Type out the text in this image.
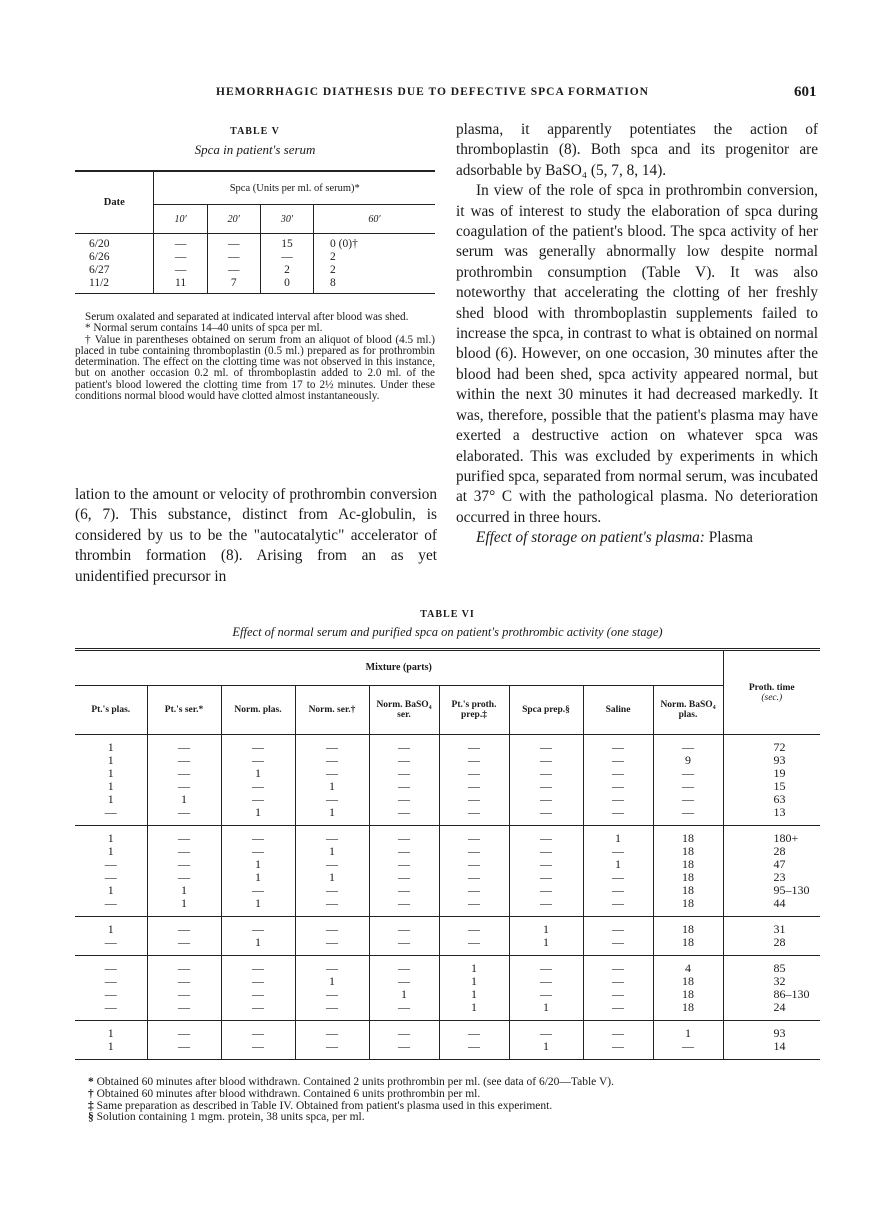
HEMORRHAGIC DIATHESIS DUE TO DEFECTIVE SPCA FORMATION	601
TABLE V
Spca in patient's serum
Date	Spca (Units per ml. of serum)*			
	10′	20′	30′	60′
6/20	—	—	15	0 (0)†
6/26	—	—	—	2
6/27	—	—	2	2
11/2	11	7	0	8

Serum oxalated and separated at indicated interval after blood was shed.

* Normal serum contains 14–40 units of spca per ml.

† Value in parentheses obtained on serum from an aliquot of blood (4.5 ml.) placed in tube containing thromboplastin (0.5 ml.) prepared as for prothrombin determination. The effect on the clotting time was not observed in this instance, but on another occasion 0.2 ml. of thromboplastin added to 2.0 ml. of the patient's blood lowered the clotting time from 17 to 2½ minutes. Under these conditions normal blood would have clotted almost instantaneously.

lation to the amount or velocity of prothrombin conversion (6, 7). This substance, distinct from Ac-globulin, is considered by us to be the "autocatalytic" accelerator of thrombin formation (8). Arising from an as yet unidentified precursor in

plasma, it apparently potentiates the action of thromboplastin (8). Both spca and its progenitor are adsorbable by BaSO₄ (5, 7, 8, 14).

In view of the role of spca in prothrombin conversion, it was of interest to study the elaboration of spca during coagulation of the patient's blood. The spca activity of her serum was generally abnormally low despite normal prothrombin consumption (Table V). It was also noteworthy that accelerating the clotting of her freshly shed blood with thromboplastin supplements failed to increase the spca, in contrast to what is obtained on normal blood (6). However, on one occasion, 30 minutes after the blood had been shed, spca activity appeared normal, but within the next 30 minutes it had decreased markedly. It was, therefore, possible that the patient's plasma may have exerted a destructive action on whatever spca was elaborated. This was excluded by experiments in which purified spca, separated from normal serum, was incubated at 37° C with the pathological plasma. No deterioration occurred in three hours.

Effect of storage on patient's plasma: Plasma

TABLE VI
Effect of normal serum and purified spca on patient's prothrombic activity (one stage)
Mixture (parts)									Proth. time
(sec.)

Pt.'s plas.	Pt.'s ser.*	Norm. plas.	Norm. ser.†	Norm. BaSO₄ ser.	Pt.'s proth. prep.‡	Spca prep.§	Saline	Norm. BaSO₄ plas.	
1	—	—	—	—	—	—	—	—	72
1	—	—	—	—	—	—	—	9	93
1	—	1	—	—	—	—	—	—	19
1	—	—	1	—	—	—	—	—	15
1	1	—	—	—	—	—	—	—	63
—	—	1	1	—	—	—	—	—	13
1	—	—	—	—	—	—	1	18	180+
1	—	—	1	—	—	—	—	18	28
—	—	1	—	—	—	—	1	18	47
—	—	1	1	—	—	—	—	18	23
1	1	—	—	—	—	—	—	18	95–130
—	1	1	—	—	—	—	—	18	44
1	—	—	—	—	—	1	—	18	31
—	—	1	—	—	—	1	—	18	28
—	—	—	—	—	1	—	—	4	85
—	—	—	1	—	1	—	—	18	32
—	—	—	—	1	1	—	—	18	86–130
—	—	—	—	—	1	1	—	18	24
1	—	—	—	—	—	—	—	1	93
1	—	—	—	—	—	1	—	—	14

* Obtained 60 minutes after blood withdrawn. Contained 2 units prothrombin per ml. (see data of 6/20—Table V).

† Obtained 60 minutes after blood withdrawn. Contained 6 units prothrombin per ml.

‡ Same preparation as described in Table IV. Obtained from patient's plasma used in this experiment.

§ Solution containing 1 mgm. protein, 38 units spca, per ml.
